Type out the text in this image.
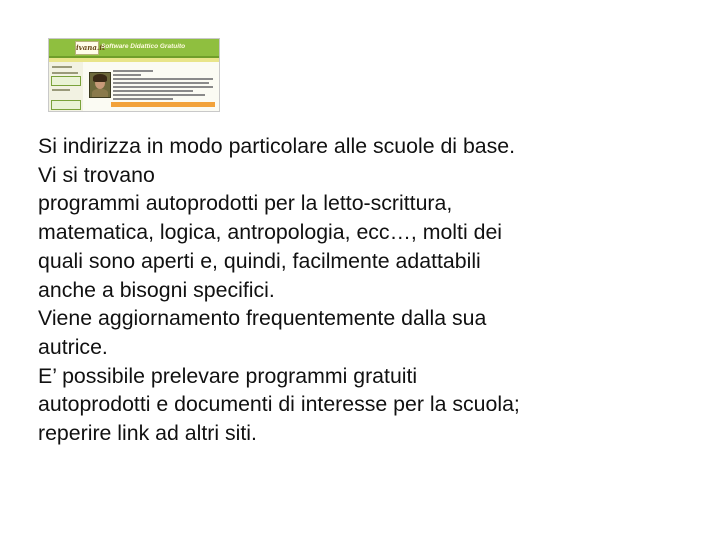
ivana.it
Software Didattico Gratuito

Si indirizza in modo particolare alle scuole di base.

Vi si trovano

programmi autoprodotti per la letto-scrittura,

matematica, logica, antropologia, ecc…, molti dei

quali sono aperti e, quindi, facilmente adattabili

anche a bisogni specifici.

Viene aggiornamento frequentemente dalla sua

autrice.

E’ possibile prelevare programmi gratuiti

autoprodotti e documenti di interesse per la scuola;

reperire link ad altri siti.
